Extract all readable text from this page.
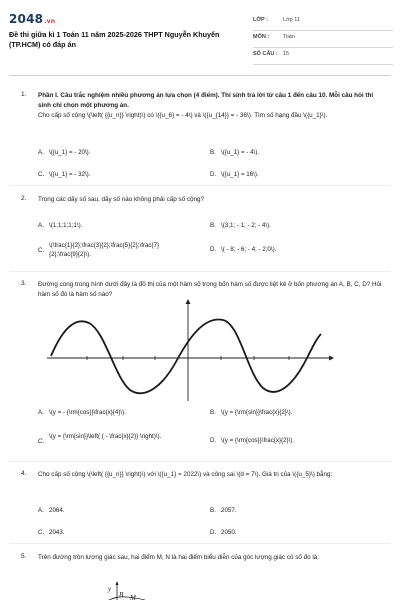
2048.vn
Đề thi giữa kì 1 Toán 11 năm 2025-2026 THPT Nguyễn Khuyến (TP.HCM) có đáp án
LỚP :	Lớp 11
MÔN :	Toán
SỐ CÂU : 15
1. Phần I. Câu trắc nghiệm nhiều phương án lựa chọn (4 điểm). Thí sinh trả lời từ câu 1 đến câu 10. Mỗi câu hỏi thí sinh chỉ chọn một phương án.
Cho cấp số cộng \(\left( {{u_n}} \right)\) có \({u_6} = - 4\) và \({u_{14}} = - 36\). Tìm số hạng đầu \({u_1}\).
A. \({u_1} = - 20\).	B. \({u_1} = - 4\).
C. \({u_1} = - 32\).	D. \({u_1} = 16\).
2. Trong các dãy số sau, dãy số nào không phải cấp số cộng?
A. \(1;1;1;1;1\).	B. \(3;1; - 1; - 2; - 4\).
C.
\(\frac{1}{2};\frac{3}{2};\frac{5}{2};\frac{7}{2};\frac{9}{2}\).
D. \( - 8; - 6; - 4; - 2;0\).
3. Đường cong trong hình dưới đây là đồ thị của một hàm số trong bốn hàm số được liệt kê ở bốn phương án A, B, C, D? Hỏi hàm số đó là hàm số nào?
A. \(y = - {\rm{cos}}\frac{x}{4}\).	B. \(y = {\rm{sin}}\frac{x}{2}\).
C.
\(y = {\rm{sin}}\left( { - \frac{x}{2}} \right)\).
D. \(y = {\rm{cos}}\frac{x}{2}\).
4. Cho cấp số cộng \(\left( {{u_n}} \right)\) với \({u_1} = 2022\) và công sai \(d = 7\). Giá trị của \({u_5}\) bằng:
A. 2064.	B. 2057.
C. 2043.	D. 2050.
5. Trên đường tròn lượng giác sau, hai điểm M, N là hai điểm biểu diễn của góc lượng giác có số đo là:
y
B M
